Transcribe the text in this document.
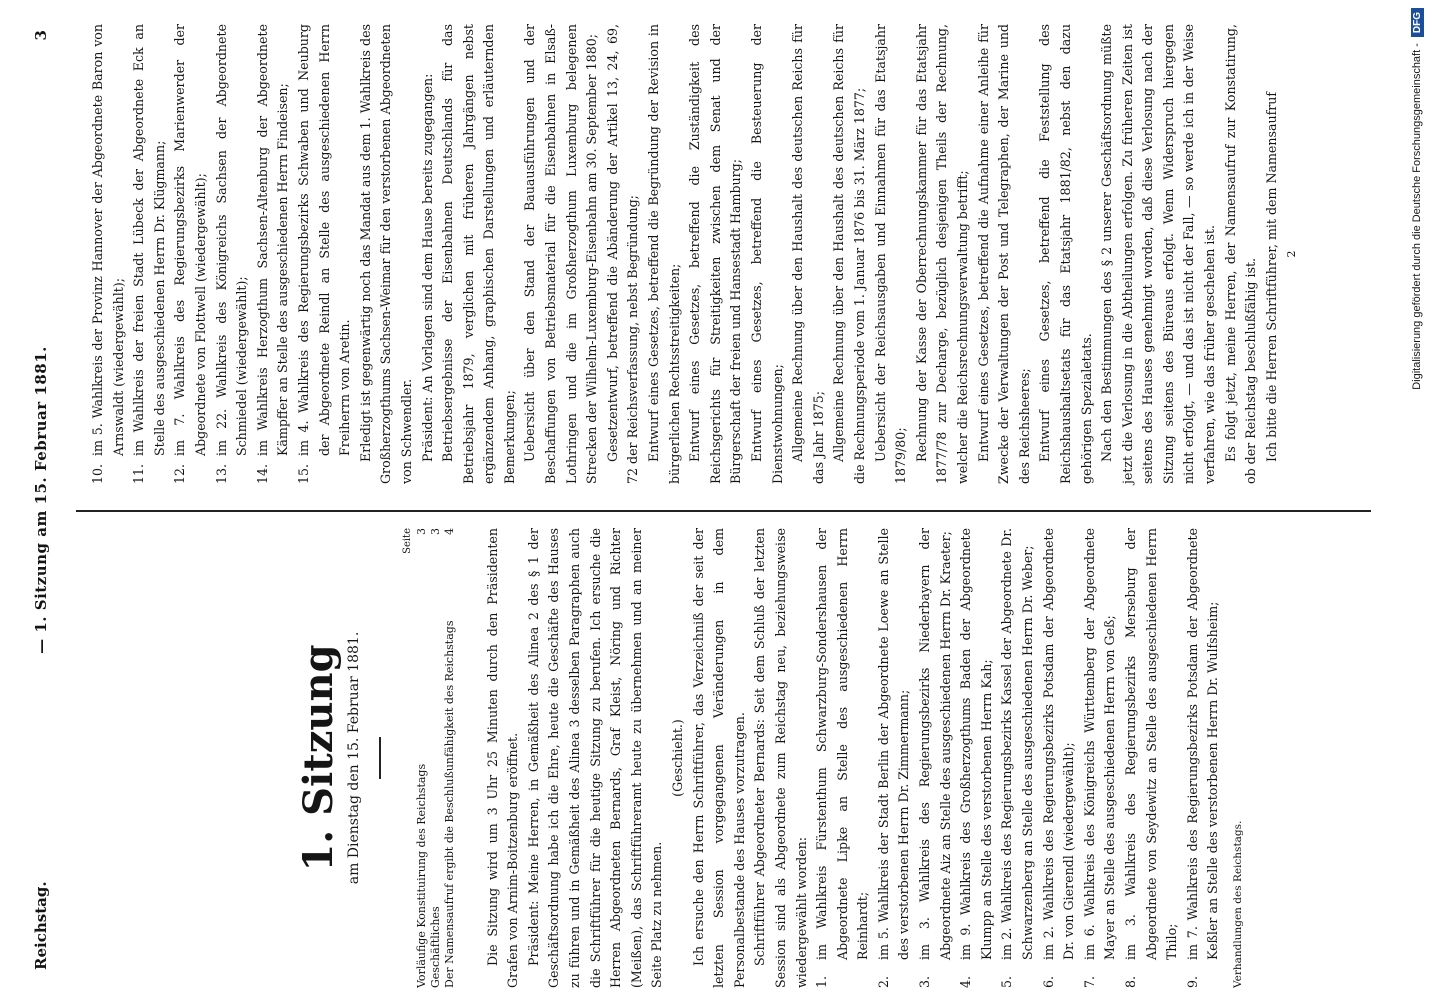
Reichstag.
— 1. Sitzung am 15. Februar 1881.
3
1. Sitzung am Dienstag den 15. Februar 1881.
Seite
Vorläufige Konstituirung des Reichstags
3
Geschäftliches
3
Der Namensaufruf ergibt die Beschlußunfähigkeit des Reichstags
4 Die Sitzung wird um 3 Uhr 25 Minuten durch den Präsidenten Grafen von Arnim-Boitzenburg eröffnet. Präsident: Meine Herren, in Gemäßheit des Alinea 2 des § 1 der Geschäftsordnung habe ich die Ehre, heute die Geschäfte des Hauses zu führen und in Gemäßheit des Alinea 3 desselben Paragraphen auch die Schriftführer für die heutige Sitzung zu berufen. Ich ersuche die Herren Abgeordneten Bernards, Graf Kleist, Nöring und Richter (Meißen), das Schriftführeramt heute zu übernehmen und an meiner Seite Platz zu nehmen.

(Geschieht.) Ich ersuche den Herrn Schriftführer, das Verzeichniß der seit der letzten Session vorgegangenen Veränderungen in dem Personalbestande des Hauses vorzutragen. Schriftführer Abgeordneter Bernards: Seit dem Schluß der letzten Session sind als Abgeordnete zum Reichstag neu, beziehungsweise wiedergewählt worden: 1.
im Wahlkreis Fürstenthum Schwarzburg-Sondershausen der Abgeordnete Lipke an Stelle des ausgeschiedenen Herrn Reinhardt;
2.
im 5. Wahlkreis der Stadt Berlin der Abgeordnete Loewe an Stelle des verstorbenen Herrn Dr. Zimmermann;
3.
im 3. Wahlkreis des Regierungsbezirks Niederbayern der Abgeordnete Aiz an Stelle des ausgeschiedenen Herrn Dr. Kraeter;
4.
im 9. Wahlkreis des Großherzogthums Baden der Abgeordnete Klumpp an Stelle des verstorbenen Herrn Kah;
5.
im 2. Wahlkreis des Regierungsbezirks Kassel der Abgeordnete Dr. Schwarzenberg an Stelle des ausgeschiedenen Herrn Dr. Weber;
6.
im 2. Wahlkreis des Regierungsbezirks Potsdam der Abgeordnete Dr. von Gierendl (wiedergewählt);
7.
im 6. Wahlkreis des Königreichs Württemberg der Abgeordnete Mayer an Stelle des ausgeschiedenen Herrn von Geß;
8.
im 3. Wahlkreis des Regierungsbezirks Merseburg der Abgeordnete von Seydewitz an Stelle des ausgeschiedenen Herrn Thilo;
9.
im 7. Wahlkreis des Regierungsbezirks Potsdam der Abgeordnete Keßler an Stelle des verstorbenen Herrn Dr. Wulfsheim;	Verhandlungen des Reichstags.

10.
im 5. Wahlkreis der Provinz Hannover der Abgeordnete Baron von Arnswaldt (wiedergewählt);
11.
im Wahlkreis der freien Stadt Lübeck der Abgeordnete Eck an Stelle des ausgeschiedenen Herrn Dr. Klügmann;
12.
im 7. Wahlkreis des Regierungsbezirks Marienwerder der Abgeordnete von Flottwell (wiedergewählt);
13.
im 22. Wahlkreis des Königreichs Sachsen der Abgeordnete Schmiedel (wiedergewählt);
14.
im Wahlkreis Herzogthum Sachsen-Altenburg der Abgeordnete Kämpffer an Stelle des ausgeschiedenen Herrn Findeisen;
15.
im 4. Wahlkreis des Regierungsbezirks Schwaben und Neuburg der Abgeordnete Reindl an Stelle des ausgeschiedenen Herrn Freiherrn von Aretin. Erledigt ist gegenwärtig noch das Mandat aus dem 1. Wahlkreis des Großherzogthums Sachsen-Weimar für den verstorbenen Abgeordneten von Schwendler. Präsident: An Vorlagen sind dem Hause bereits zugegangen: Betriebsergebnisse der Eisenbahnen Deutschlands für das Betriebsjahr 1879, verglichen mit früheren Jahrgängen nebst ergänzendem Anhang, graphischen Darstellungen und erläuternden Bemerkungen; Uebersicht über den Stand der Bauausführungen und der Beschaffungen von Betriebsmaterial für die Eisenbahnen in Elsaß-Lothringen und die im Großherzogthum Luxemburg belegenen Strecken der Wilhelm-Luxemburg-Eisenbahn am 30. September 1880; Gesetzentwurf, betreffend die Abänderung der Artikel 13, 24, 69, 72 der Reichsverfassung, nebst Begründung; Entwurf eines Gesetzes, betreffend die Begründung der Revision in bürgerlichen Rechtsstreitigkeiten; Entwurf eines Gesetzes, betreffend die Zuständigkeit des Reichsgerichts für Streitigkeiten zwischen dem Senat und der Bürgerschaft der freien und Hansestadt Hamburg; Entwurf eines Gesetzes, betreffend die Besteuerung der Dienstwohnungen; Allgemeine Rechnung über den Haushalt des deutschen Reichs für das Jahr 1875; Allgemeine Rechnung über den Haushalt des deutschen Reichs für die Rechnungsperiode vom 1. Januar 1876 bis 31. März 1877; Uebersicht der Reichsausgaben und Einnahmen für das Etatsjahr 1879/80; Rechnung der Kasse der Oberrechnungskammer für das Etatsjahr 1877/78 zur Decharge, bezüglich desjenigen Theils der Rechnung, welcher die Reichsrechnungsverwaltung betrifft; Entwurf eines Gesetzes, betreffend die Aufnahme einer Anleihe für Zwecke der Verwaltungen der Post und Telegraphen, der Marine und des Reichsheeres; Entwurf eines Gesetzes, betreffend die Feststellung des Reichshaushaltsetats für das Etatsjahr 1881/82, nebst den dazu gehörigen Spezialetats. Nach den Bestimmungen des § 2 unserer Geschäftsordnung müßte jetzt die Verlosung in die Abtheilungen erfolgen. Zu früheren Zeiten ist seitens des Hauses genehmigt worden, daß diese Verlosung nach der Sitzung seitens des Büreaus erfolgt. Wenn Widerspruch hiergegen nicht erfolgt, — und das ist nicht der Fall, — so werde ich in der Weise verfahren, wie das früher geschehen ist. Es folgt jetzt, meine Herren, der Namensaufruf zur Konstatirung, ob der Reichstag beschlußfähig ist. Ich bitte die Herren Schriftführer, mit dem Namensaufruf 2	Digitalisierung gefördert durch die Deutsche Forschungsgemeinschaft -
DFG
